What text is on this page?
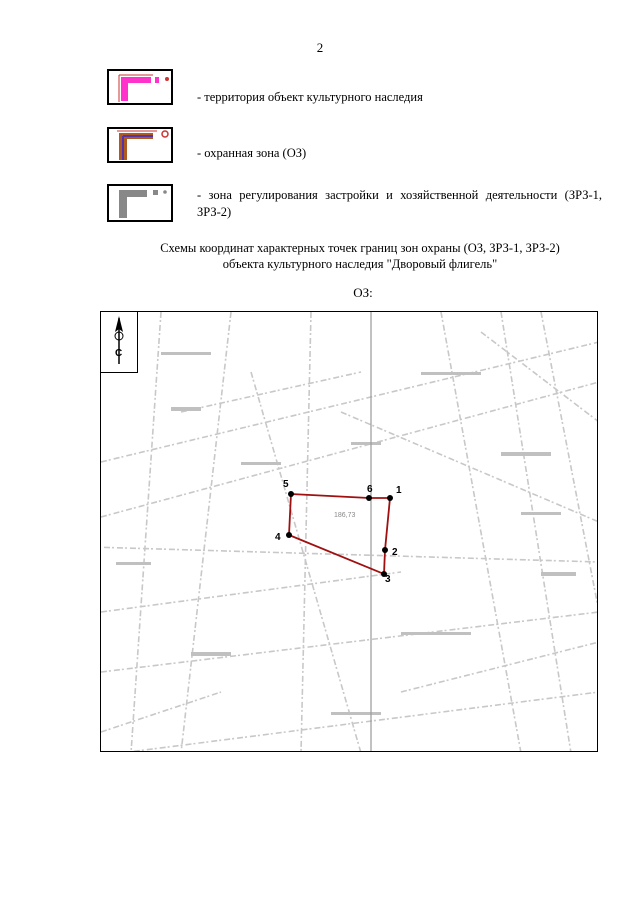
2
- территория объект культурного наследия
- охранная зона (ОЗ)
- зона регулирования застройки и хозяйственной деятельности (ЗРЗ-1,
ЗРЗ-2)
Схемы координат характерных точек границ зон охраны (ОЗ, ЗРЗ-1, ЗРЗ-2)
объекта культурного наследия "Дворовый флигель"
ОЗ:
186,73
С
1
2
3
4
5	6
